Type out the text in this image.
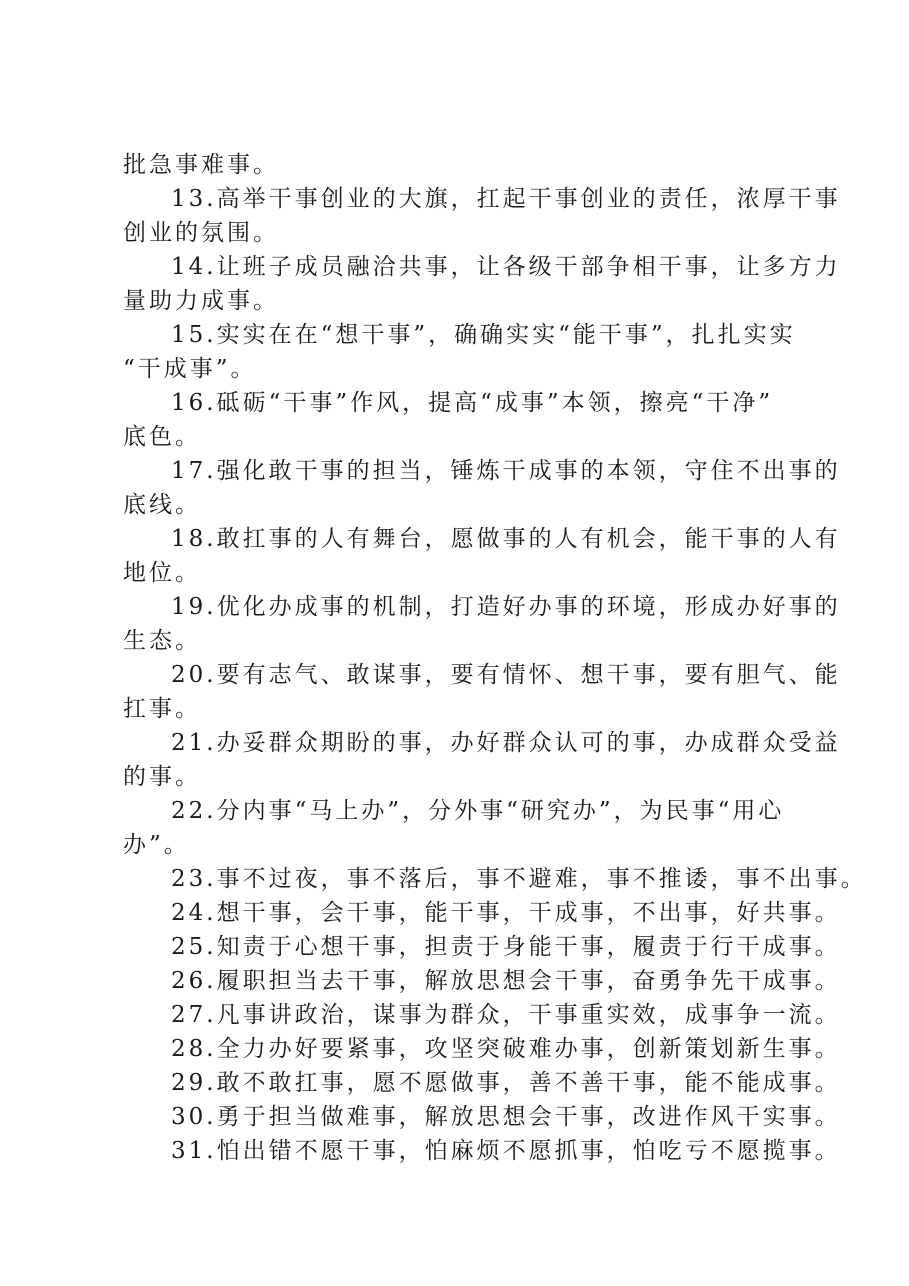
批急事难事。
13.高举干事创业的大旗，扛起干事创业的责任，浓厚干事
创业的氛围。
14.让班子成员融洽共事，让各级干部争相干事，让多方力
量助力成事。
15.实实在在“想干事”，确确实实“能干事”，扎扎实实
“干成事”。
16.砥砺“干事”作风，提高“成事”本领，擦亮“干净”
底色。
17.强化敢干事的担当，锤炼干成事的本领，守住不出事的
底线。
18.敢扛事的人有舞台，愿做事的人有机会，能干事的人有
地位。
19.优化办成事的机制，打造好办事的环境，形成办好事的
生态。
20.要有志气、敢谋事，要有情怀、想干事，要有胆气、能
扛事。
21.办妥群众期盼的事，办好群众认可的事，办成群众受益
的事。
22.分内事“马上办”，分外事“研究办”，为民事“用心
办”。
23.事不过夜，事不落后，事不避难，事不推诿，事不出事。
24.想干事，会干事，能干事，干成事，不出事，好共事。
25.知责于心想干事，担责于身能干事，履责于行干成事。
26.履职担当去干事，解放思想会干事，奋勇争先干成事。
27.凡事讲政治，谋事为群众，干事重实效，成事争一流。
28.全力办好要紧事，攻坚突破难办事，创新策划新生事。
29.敢不敢扛事，愿不愿做事，善不善干事，能不能成事。
30.勇于担当做难事，解放思想会干事，改进作风干实事。
31.怕出错不愿干事，怕麻烦不愿抓事，怕吃亏不愿揽事。
